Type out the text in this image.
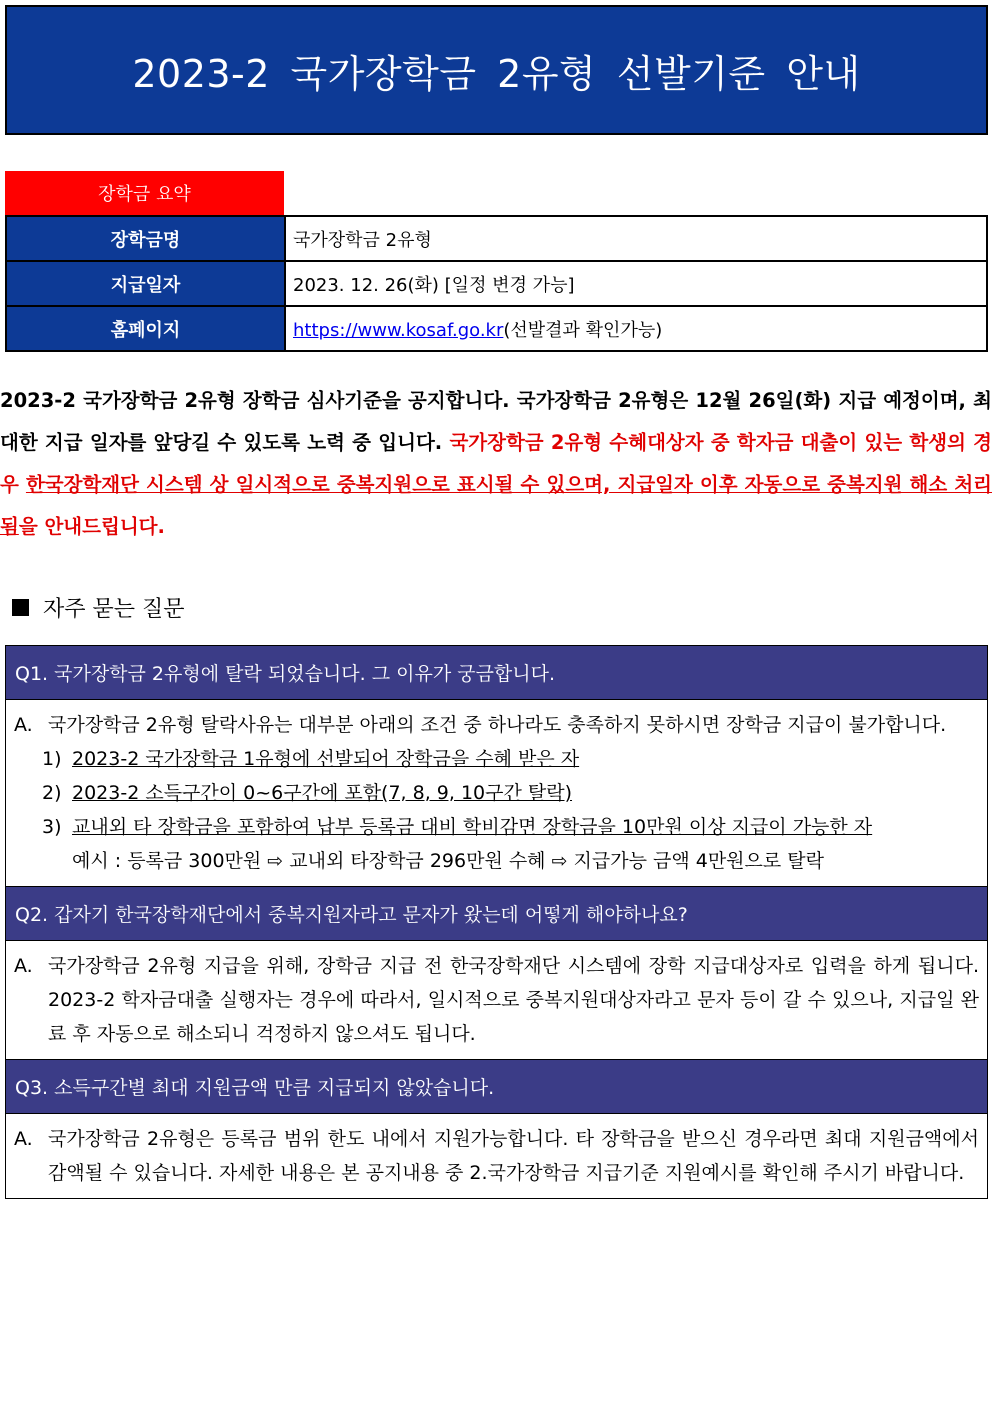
2023-2 국가장학금 2유형 선발기준 안내
장학금 요약
장학금명	국가장학금 2유형
지급일자	2023. 12. 26(화) [일정 변경 가능]
홈페이지	https://www.kosaf.go.kr(선발결과 확인가능)

2023-2 국가장학금 2유형 장학금 심사기준을 공지합니다. 국가장학금 2유형은 12월 26일(화) 지급 예정이며, 최대한 지급 일자를 앞당길 수 있도록 노력 중 입니다. 국가장학금 2유형 수혜대상자 중 학자금 대출이 있는 학생의 경우 한국장학재단 시스템 상 일시적으로 중복지원으로 표시될 수 있으며, 지급일자 이후 자동으로 중복지원 해소 처리됨을 안내드립니다.

자주 묻는 질문
Q1. 국가장학금 2유형에 탈락 되었습니다. 그 이유가 궁금합니다.
A. 국가장학금 2유형 탈락사유는 대부분 아래의 조건 중 하나라도 충족하지 못하시면 장학금 지급이 불가합니다.
1) 2023-2 국가장학금 1유형에 선발되어 장학금을 수혜 받은 자
2) 2023-2 소득구간이 0~6구간에 포함(7, 8, 9, 10구간 탈락)
3) 교내외 타 장학금을 포함하여 납부 등록금 대비 학비감면 장학금을 10만원 이상 지급이 가능한 자
예시 : 등록금 300만원 ⇨ 교내외 타장학금 296만원 수혜 ⇨ 지급가능 금액 4만원으로 탈락
Q2. 갑자기 한국장학재단에서 중복지원자라고 문자가 왔는데 어떻게 해야하나요?
A. 국가장학금 2유형 지급을 위해, 장학금 지급 전 한국장학재단 시스템에 장학 지급대상자로 입력을 하게 됩니다. 2023-2 학자금대출 실행자는 경우에 따라서, 일시적으로 중복지원대상자라고 문자 등이 갈 수 있으나, 지급일 완료 후 자동으로 해소되니 걱정하지 않으셔도 됩니다.
Q3. 소득구간별 최대 지원금액 만큼 지급되지 않았습니다.
A. 국가장학금 2유형은 등록금 범위 한도 내에서 지원가능합니다. 타 장학금을 받으신 경우라면 최대 지원금액에서 감액될 수 있습니다. 자세한 내용은 본 공지내용 중 2.국가장학금 지급기준 지원예시를 확인해 주시기 바랍니다.
